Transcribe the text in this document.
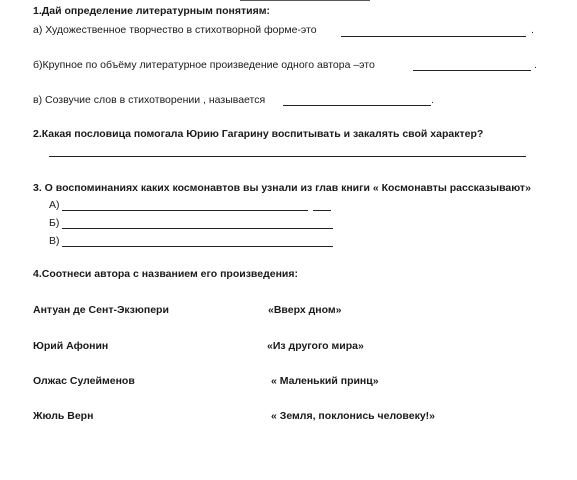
1.Дай определение литературным понятиям:
а) Художественное творчество в стихотворной форме-это	.
б)Крупное по объёму литературное произведение одного автора –это	.
в) Созвучие слов в стихотворении , называется	.
2.Какая пословица помогала Юрию Гагарину воспитывать и закалять свой характер?
3. О воспоминаниях каких космонавтов вы узнали из глав книги « Космонавты рассказывают»
А)
Б)
В)
4.Соотнеси автора с названием его произведения:
Антуан де Сент-Экзюпери	«Вверх дном»
Юрий Афонин	«Из другого мира»
Олжас Сулейменов	« Маленький принц»
Жюль Верн	« Земля, поклонись человеку!»
